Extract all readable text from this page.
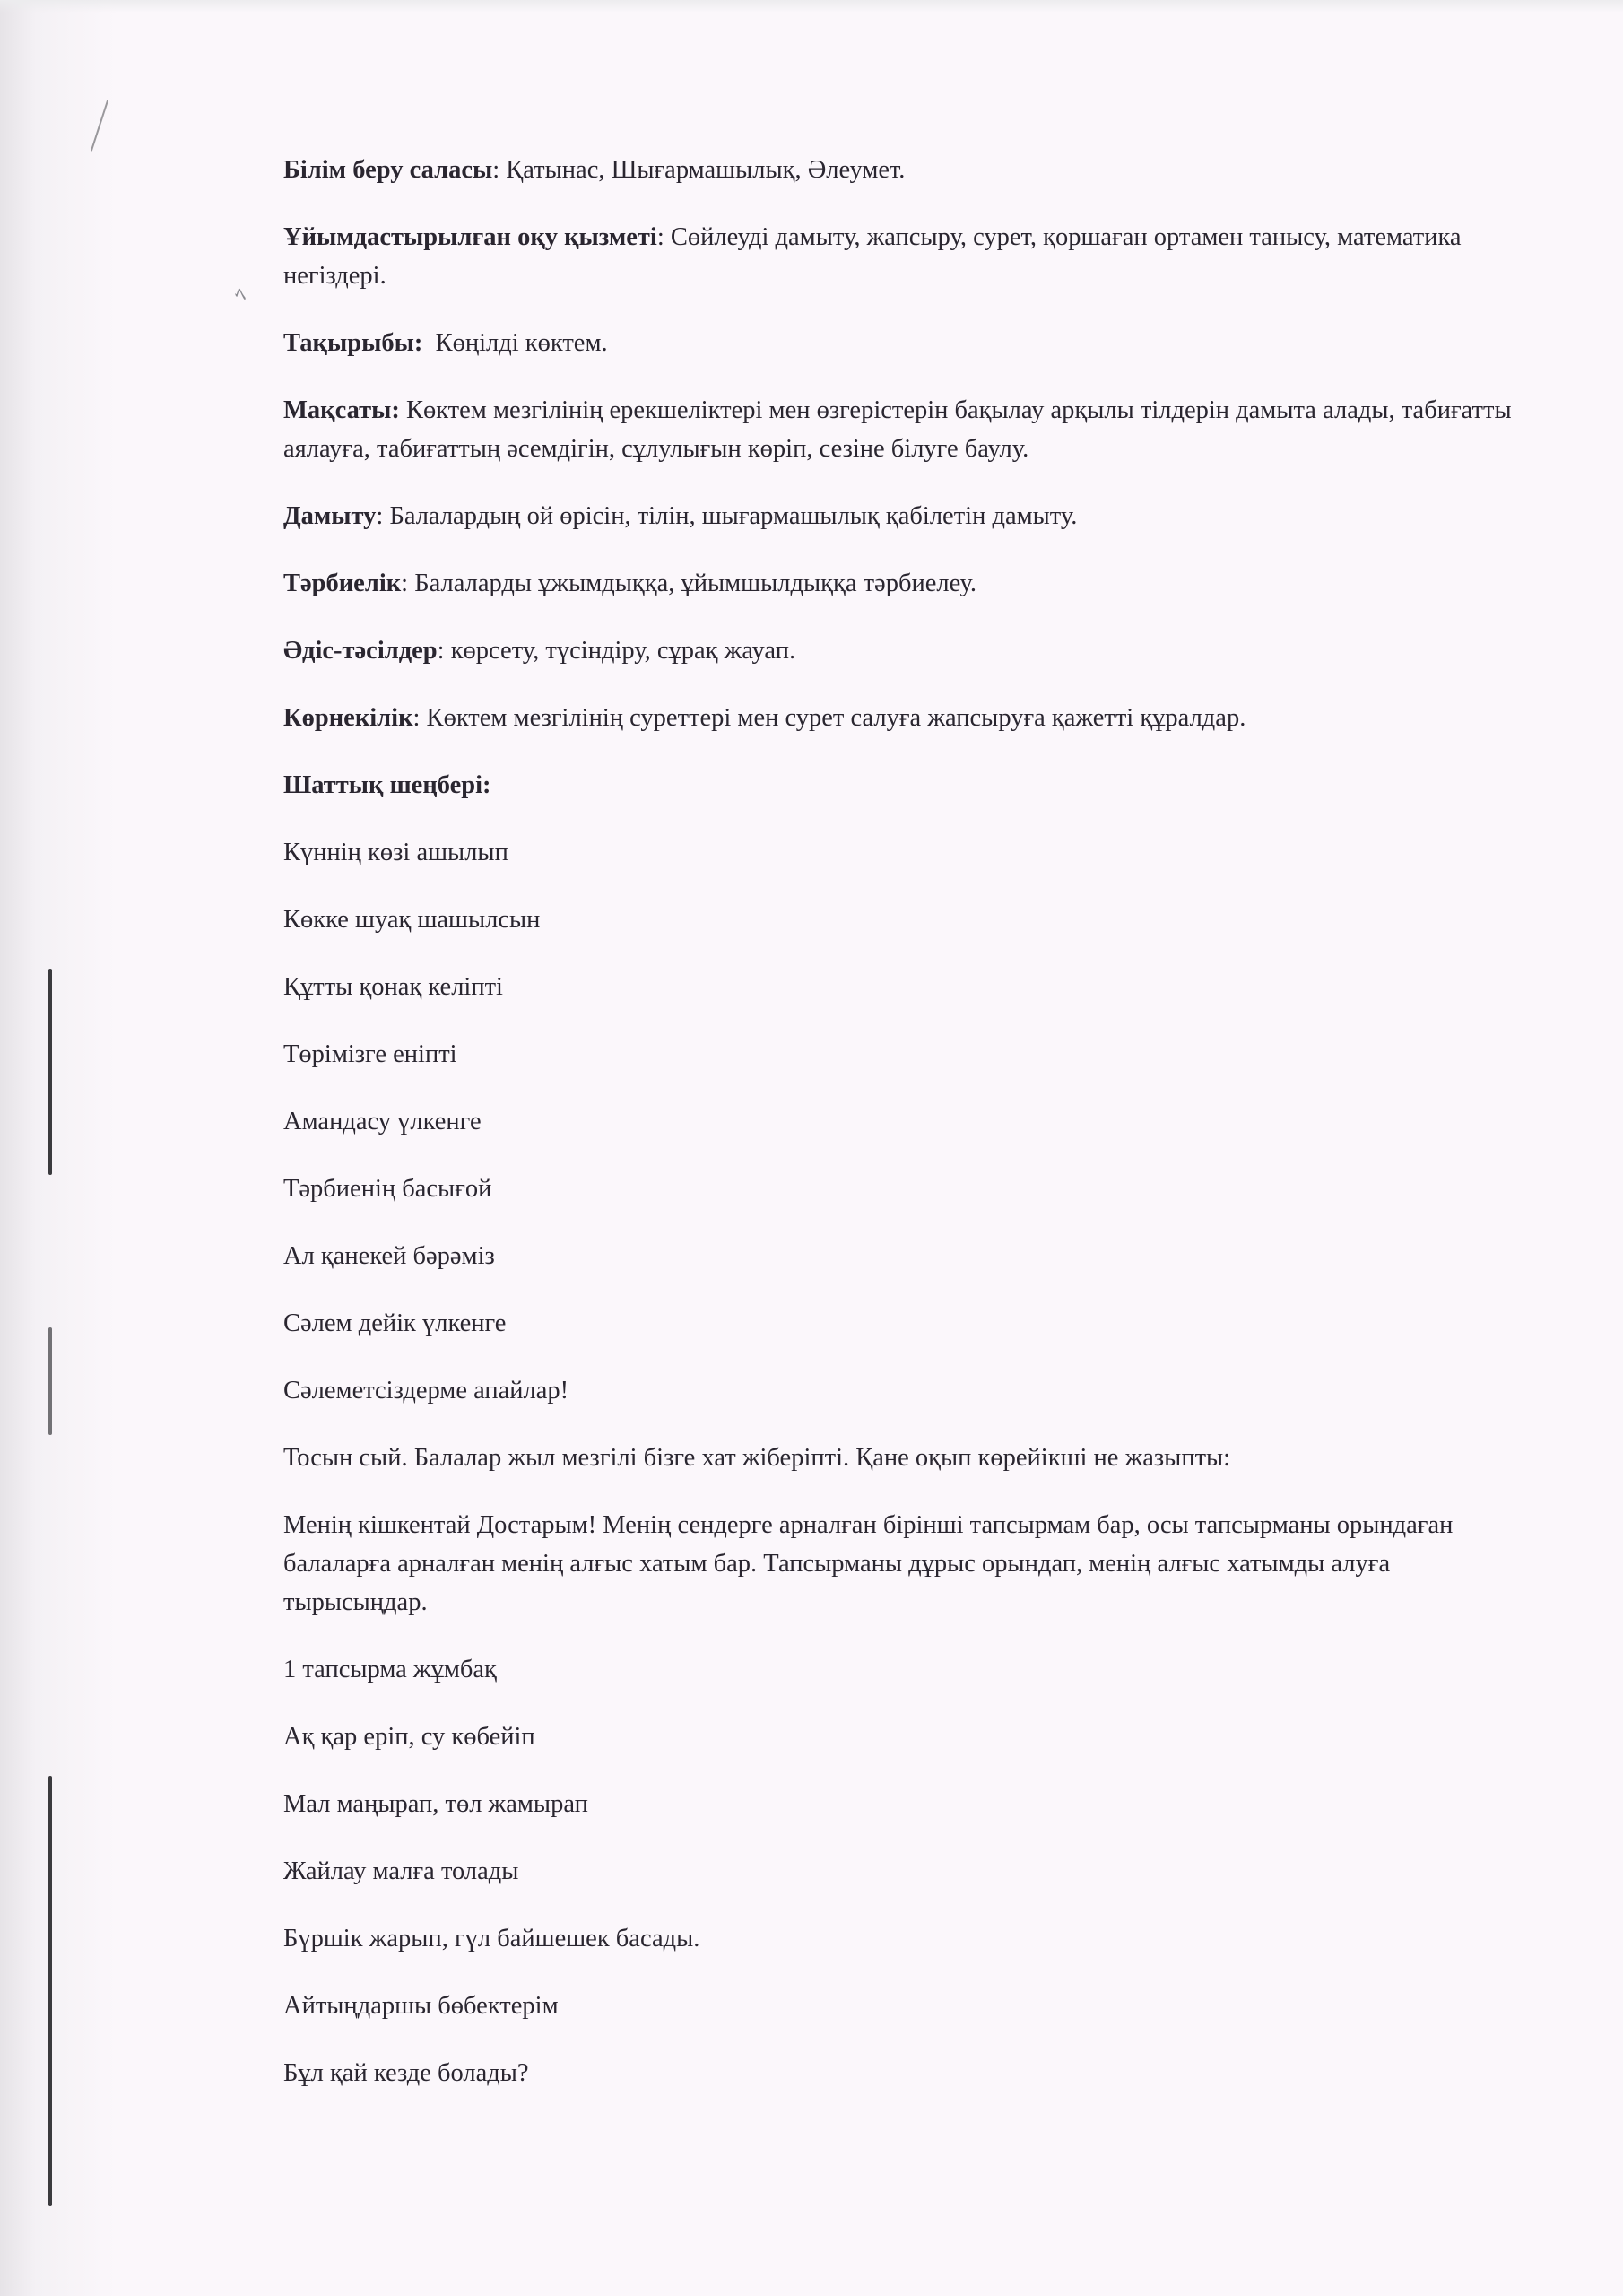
ﾍ

Білім беру саласы: Қатынас, Шығармашылық, Әлеумет.

Ұйымдастырылған оқу қызметі: Сөйлеуді дамыту, жапсыру, сурет, қоршаған ортамен танысу, математика негіздері.

Тақырыбы:  Көңілді көктем.

Мақсаты: Көктем мезгілінің ерекшеліктері мен өзгерістерін бақылау арқылы тілдерін дамыта алады, табиғатты аялауға, табиғаттың әсемдігін, сұлулығын көріп, сезіне білуге баулу.

Дамыту: Балалардың ой өрісін, тілін, шығармашылық қабілетін дамыту.

Тәрбиелік: Балаларды ұжымдыққа, ұйымшылдыққа тәрбиелеу.

Әдіс-тәсілдер: көрсету, түсіндіру, сұрақ жауап.

Көрнекілік: Көктем мезгілінің суреттері мен сурет салуға жапсыруға қажетті құралдар.

Шаттық шеңбері:

Күннің көзі ашылып

Көкке шуақ шашылсын

Құтты қонақ келіпті

Төрімізге еніпті

Амандасу үлкенге

Тәрбиенің басығой

Ал қанекей бәрәміз

Сәлем дейік үлкенге

Сәлеметсіздерме апайлар!

Тосын сый. Балалар жыл мезгілі бізге хат жіберіпті. Қане оқып көрейікші не жазыпты:

Менің кішкентай Достарым! Менің сендерге арналған бірінші тапсырмам бар, осы тапсырманы орындаған балаларға арналған менің алғыс хатым бар. Тапсырманы дұрыс орындап, менің алғыс хатымды алуға тырысыңдар.

1 тапсырма жұмбақ

Ақ қар еріп, су көбейіп

Мал маңырап, төл жамырап

Жайлау малға толады

Бүршік жарып, гүл байшешек басады.

Айтыңдаршы бөбектерім

Бұл қай кезде болады?
